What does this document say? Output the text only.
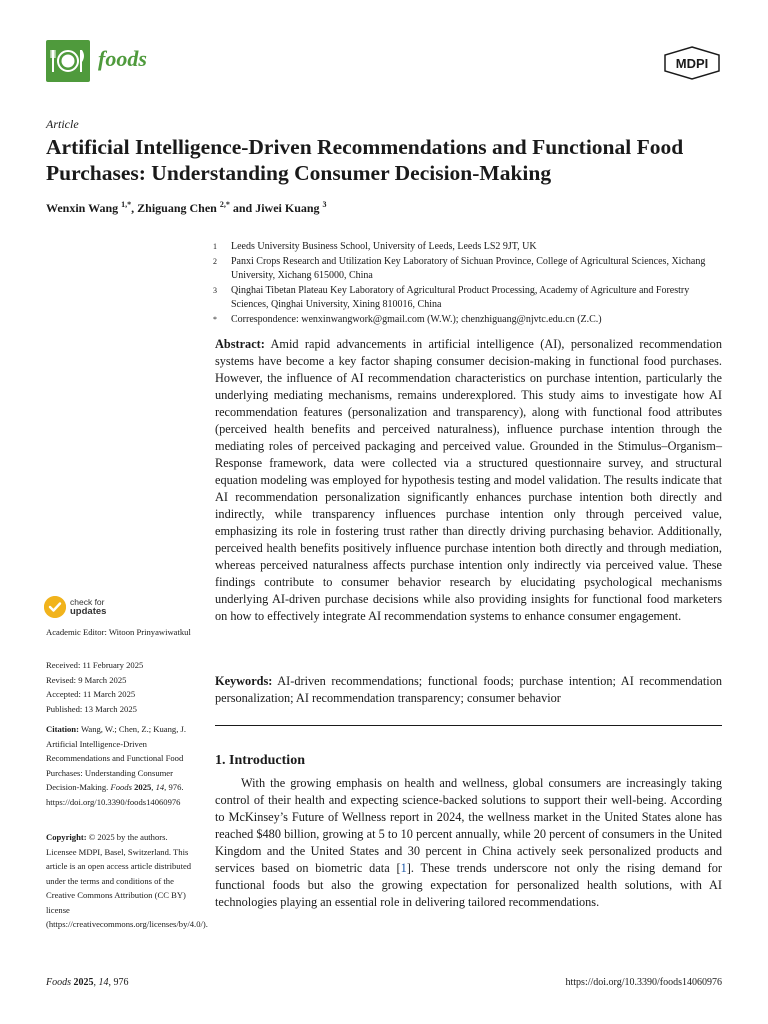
foods	MDPI
Article
Artificial Intelligence-Driven Recommendations and Functional Food Purchases: Understanding Consumer Decision-Making
Wenxin Wang $^{1,*}$, Zhiguang Chen $^{2,*}$ and Jiwei Kuang $^3$
1	Leeds University Business School, University of Leeds, Leeds LS2 9JT, UK
2	Panxi Crops Research and Utilization Key Laboratory of Sichuan Province, College of Agricultural Sciences, Xichang University, Xichang 615000, China
3	Qinghai Tibetan Plateau Key Laboratory of Agricultural Product Processing, Academy of Agriculture and Forestry Sciences, Qinghai University, Xining 810016, China
*	Correspondence: wenxinwangwork@gmail.com (W.W.); chenzhiguang@njvtc.edu.cn (Z.C.)
Abstract: Amid rapid advancements in artificial intelligence (AI), personalized recommendation systems have become a key factor shaping consumer decision-making in functional food purchases. However, the influence of AI recommendation characteristics on purchase intention, particularly the underlying mediating mechanisms, remains underexplored. This study aims to investigate how AI recommendation features (personalization and transparency), along with functional food attributes (perceived health benefits and perceived naturalness), influence purchase intention through the mediating roles of perceived packaging and perceived value. Grounded in the Stimulus–Organism–Response framework, data were collected via a structured questionnaire survey, and structural equation modeling was employed for hypothesis testing and model validation. The results indicate that AI recommendation personalization significantly enhances purchase intention both directly and indirectly, while transparency influences purchase intention only through perceived value, emphasizing its role in fostering trust rather than directly driving purchasing behavior. Additionally, perceived health benefits positively influence purchase intention both directly and through mediation, whereas perceived naturalness affects purchase intention only indirectly via perceived value. These findings contribute to consumer behavior research by elucidating psychological mechanisms underlying AI-driven purchase decisions while also providing insights for functional food marketers on how to effectively integrate AI recommendation systems to enhance consumer engagement.
Keywords: AI-driven recommendations; functional foods; purchase intention; AI recommendation personalization; AI recommendation transparency; consumer behavior
check for
updates
Academic Editor: Witoon Prinyawiwatkul
Received: 11 February 2025
Revised: 9 March 2025
Accepted: 11 March 2025
Published: 13 March 2025
Citation: Wang, W.; Chen, Z.; Kuang, J. Artificial Intelligence-Driven Recommendations and Functional Food Purchases: Understanding Consumer Decision-Making. Foods 2025, 14, 976. https://doi.org/10.3390/foods14060976
Copyright: © 2025 by the authors. Licensee MDPI, Basel, Switzerland. This article is an open access article distributed under the terms and conditions of the Creative Commons Attribution (CC BY) license (https://creativecommons.org/licenses/by/4.0/).
1. Introduction

With the growing emphasis on health and wellness, global consumers are increasingly taking control of their health and expecting science-backed solutions to support their well-being. According to McKinsey’s Future of Wellness report in 2024, the wellness market in the United States alone has reached $480 billion, growing at 5 to 10 percent annually, while 20 percent of consumers in the United Kingdom and the United States and 30 percent in China actively seek personalized products and services based on biometric data [1]. These trends underscore not only the rising demand for functional foods but also the growing expectation for personalized health solutions, with AI technologies playing an essential role in delivering tailored recommendations.

Foods 2025, 14, 976	https://doi.org/10.3390/foods14060976
